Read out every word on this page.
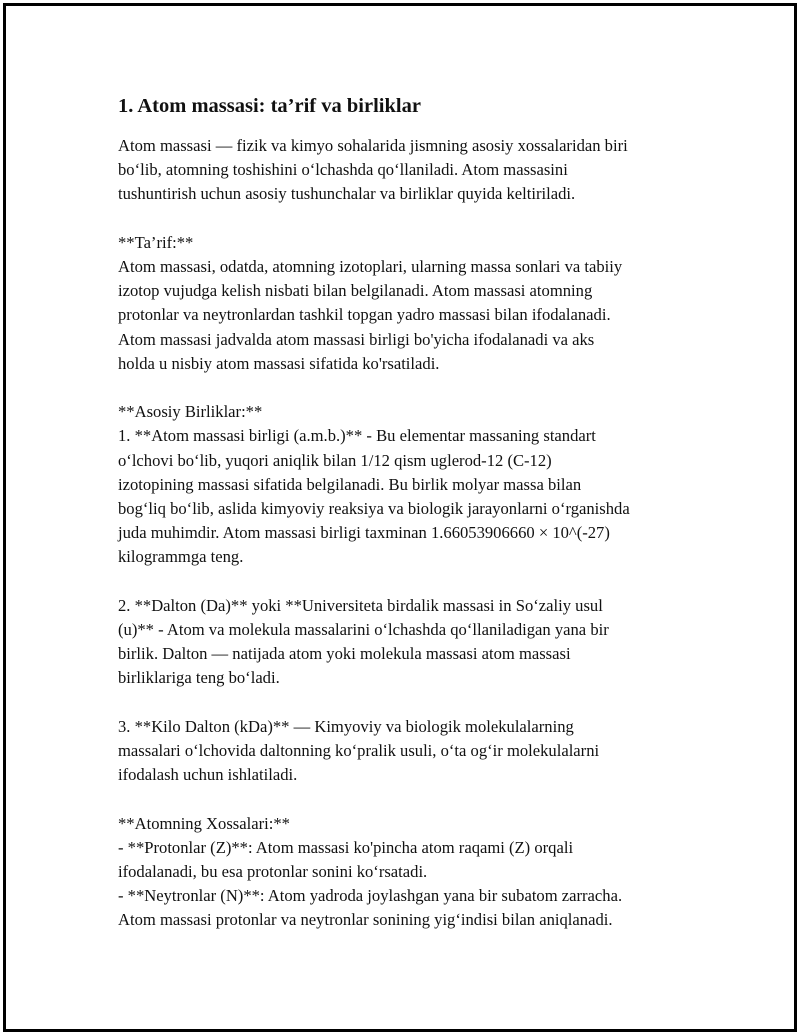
1. Atom massasi: ta’rif va birliklar

Atom massasi — fizik va kimyo sohalarida jismning asosiy xossalaridan biri
bo‘lib, atomning toshishini o‘lchashda qo‘llaniladi. Atom massasini
tushuntirish uchun asosiy tushunchalar va birliklar quyida keltiriladi.

**Ta’rif:**
Atom massasi, odatda, atomning izotoplari, ularning massa sonlari va tabiiy
izotop vujudga kelish nisbati bilan belgilanadi. Atom massasi atomning
protonlar va neytronlardan tashkil topgan yadro massasi bilan ifodalanadi.
Atom massasi jadvalda atom massasi birligi bo'yicha ifodalanadi va aks
holda u nisbiy atom massasi sifatida ko'rsatiladi.

**Asosiy Birliklar:**
1. **Atom massasi birligi (a.m.b.)** - Bu elementar massaning standart
o‘lchovi bo‘lib, yuqori aniqlik bilan 1/12 qism uglerod-12 (C-12)
izotopining massasi sifatida belgilanadi. Bu birlik molyar massa bilan
bog‘liq bo‘lib, aslida kimyoviy reaksiya va biologik jarayonlarni o‘rganishda
juda muhimdir. Atom massasi birligi taxminan 1.66053906660 × 10^(-27)
kilogrammga teng.

2. **Dalton (Da)** yoki **Universiteta birdalik massasi in So‘zaliy usul
(u)** - Atom va molekula massalarini o‘lchashda qo‘llaniladigan yana bir
birlik. Dalton — natijada atom yoki molekula massasi atom massasi
birliklariga teng bo‘ladi.

3. **Kilo Dalton (kDa)** — Kimyoviy va biologik molekulalarning
massalari o‘lchovida daltonning ko‘pralik usuli, o‘ta og‘ir molekulalarni
ifodalash uchun ishlatiladi.

**Atomning Xossalari:**
- **Protonlar (Z)**: Atom massasi ko'pincha atom raqami (Z) orqali
ifodalanadi, bu esa protonlar sonini ko‘rsatadi.
- **Neytronlar (N)**: Atom yadroda joylashgan yana bir subatom zarracha.
Atom massasi protonlar va neytronlar sonining yig‘indisi bilan aniqlanadi.
